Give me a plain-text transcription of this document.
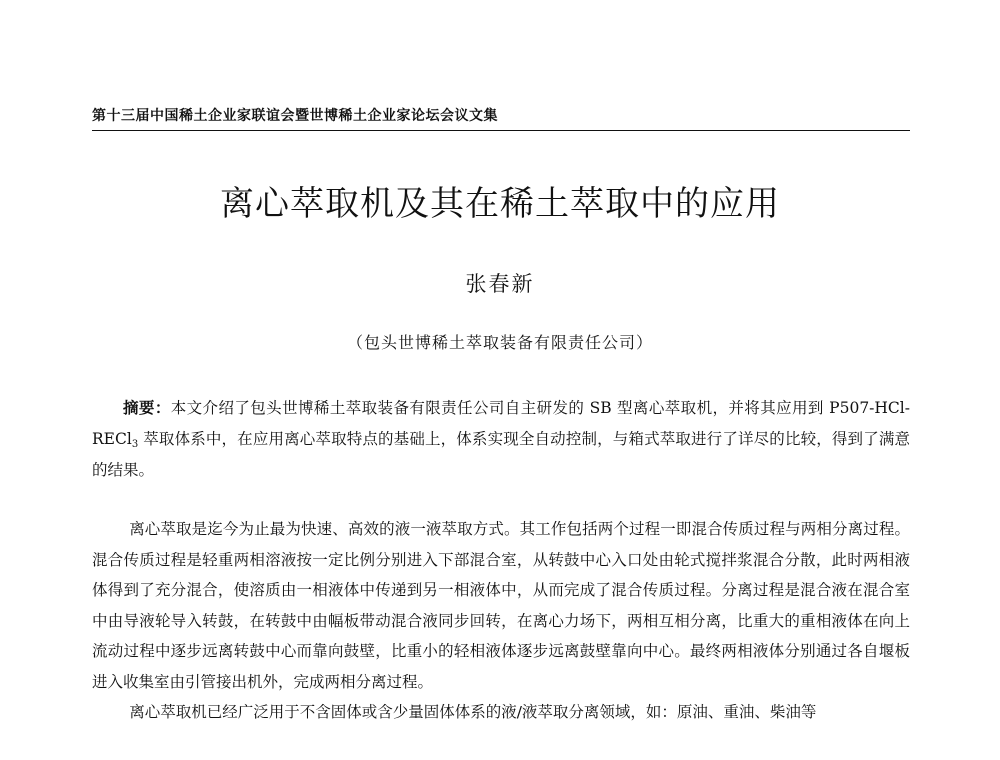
第十三届中国稀土企业家联谊会暨世博稀土企业家论坛会议文集
离心萃取机及其在稀土萃取中的应用
张春新
（包头世博稀土萃取装备有限责任公司）
摘要：本文介绍了包头世博稀土萃取装备有限责任公司自主研发的 SB 型离心萃取机，并将其应用到 P507-HCl-RECl$_3$ 萃取体系中，在应用离心萃取特点的基础上，体系实现全自动控制，与箱式萃取进行了详尽的比较，得到了满意的结果。

离心萃取是迄今为止最为快速、高效的液一液萃取方式。其工作包括两个过程一即混合传质过程与两相分离过程。混合传质过程是轻重两相溶液按一定比例分别进入下部混合室，从转鼓中心入口处由轮式搅拌浆混合分散，此时两相液体得到了充分混合，使溶质由一相液体中传递到另一相液体中，从而完成了混合传质过程。分离过程是混合液在混合室中由导液轮导入转鼓，在转鼓中由幅板带动混合液同步回转，在离心力场下，两相互相分离，比重大的重相液体在向上流动过程中逐步远离转鼓中心而靠向鼓壁，比重小的轻相液体逐步远离鼓壁靠向中心。最终两相液体分别通过各自堰板进入收集室由引管接出机外，完成两相分离过程。

离心萃取机已经广泛用于不含固体或含少量固体体系的液/液萃取分离领域，如：原油、重油、柴油等
